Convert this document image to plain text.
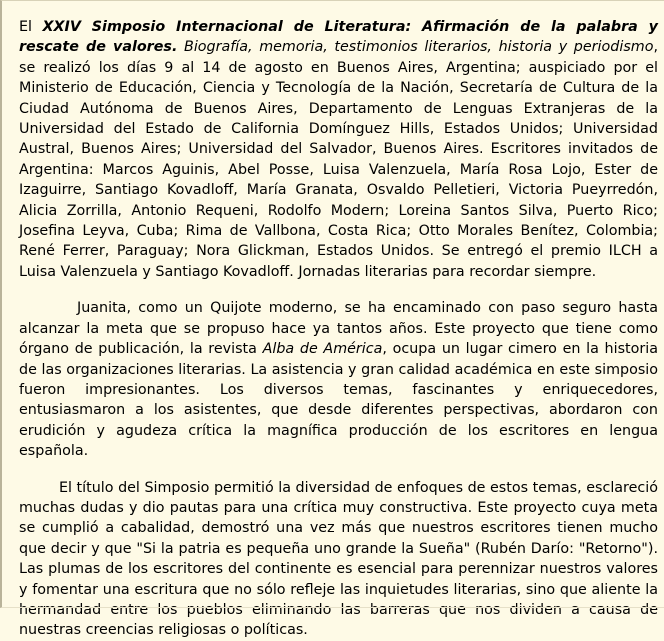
El XXIV Simposio Internacional de Literatura: Afirmación de la palabra y rescate de valores. Biografía, memoria, testimonios literarios, historia y periodismo, se realizó los días 9 al 14 de agosto en Buenos Aires, Argentina; auspiciado por el Ministerio de Educación, Ciencia y Tecnología de la Nación, Secretaría de Cultura de la Ciudad Autónoma de Buenos Aires, Departamento de Lenguas Extranjeras de la Universidad del Estado de California Domínguez Hills, Estados Unidos; Universidad Austral, Buenos Aires; Universidad del Salvador, Buenos Aires. Escritores invitados de Argentina: Marcos Aguinis, Abel Posse, Luisa Valenzuela, María Rosa Lojo, Ester de Izaguirre, Santiago Kovadloff, María Granata, Osvaldo Pelletieri, Victoria Pueyrredón, Alicia Zorrilla, Antonio Requeni, Rodolfo Modern; Loreina Santos Silva, Puerto Rico; Josefina Leyva, Cuba; Rima de Vallbona, Costa Rica; Otto Morales Benítez, Colombia; René Ferrer, Paraguay; Nora Glickman, Estados Unidos. Se entregó el premio ILCH a Luisa Valenzuela y Santiago Kovadloff. Jornadas literarias para recordar siempre.

Juanita, como un Quijote moderno, se ha encaminado con paso seguro hasta alcanzar la meta que se propuso hace ya tantos años. Este proyecto que tiene como órgano de publicación, la revista Alba de América, ocupa un lugar cimero en la historia de las organizaciones literarias. La asistencia y gran calidad académica en este simposio fueron impresionantes. Los diversos temas, fascinantes y enriquecedores, entusiasmaron a los asistentes, que desde diferentes perspectivas, abordaron con erudición y agudeza crítica la magnífica producción de los escritores en lengua española.

El título del Simposio permitió la diversidad de enfoques de estos temas, esclareció muchas dudas y dio pautas para una crítica muy constructiva. Este proyecto cuya meta se cumplió a cabalidad, demostró una vez más que nuestros escritores tienen mucho que decir y que "Si la patria es pequeña uno grande la Sueña" (Rubén Darío: "Retorno"). Las plumas de los escritores del continente es esencial para perennizar nuestros valores y fomentar una escritura que no sólo refleje las inquietudes literarias, sino que aliente la hermandad entre los pueblos eliminando las barreras que nos dividen a causa de nuestras creencias religiosas o políticas.
